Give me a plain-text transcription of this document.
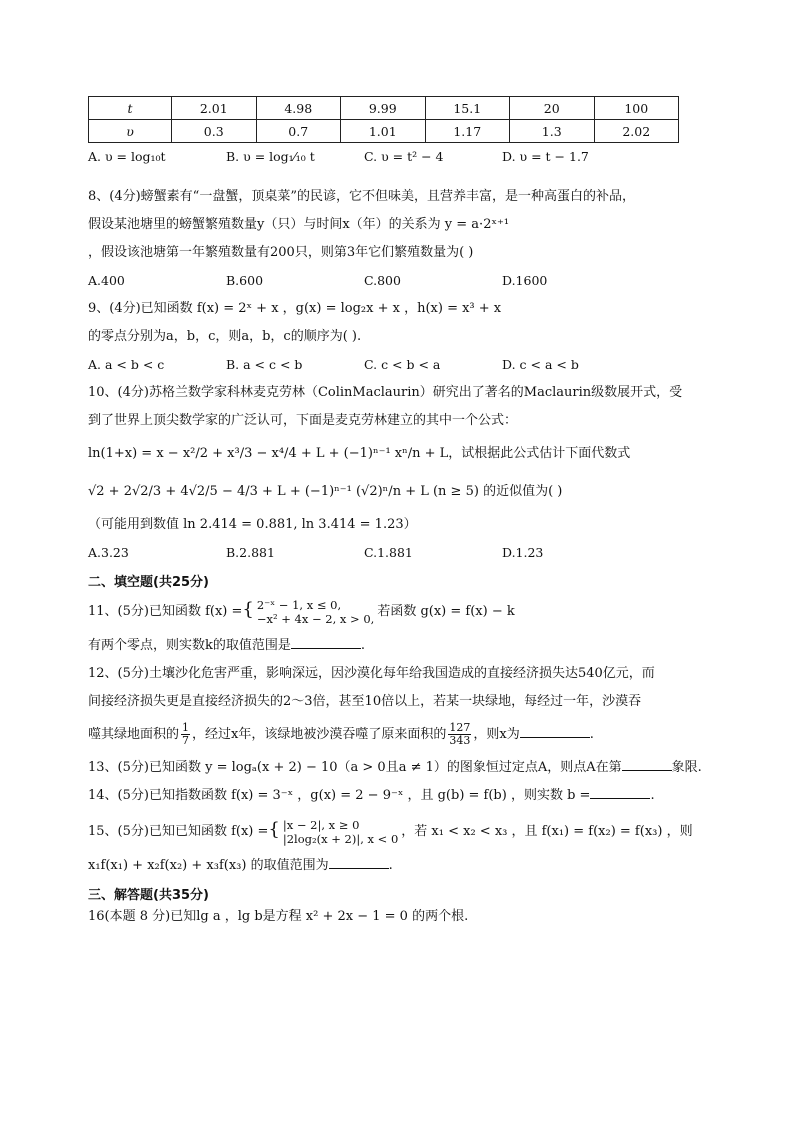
t	2.01	4.98	9.99	15.1	20	100
υ	0.3	0.7	1.01	1.17	1.3	2.02
A. υ = log₁₀t	B. υ = log₁⁄₁₀ t	C. υ = t² − 4	D. υ = t − 1.7
8、(4分)螃蟹素有“一盘蟹，顶桌菜”的民谚，它不但味美，且营养丰富，是一种高蛋白的补品，
假设某池塘里的螃蟹繁殖数量y（只）与时间x（年）的关系为 y = a·2ˣ⁺¹
，假设该池塘第一年繁殖数量有200只，则第3年它们繁殖数量为( )
A.400	B.600	C.800	D.1600
9、(4分)已知函数 f(x) = 2ˣ + x ，g(x) = log₂x + x ，h(x) = x³ + x
的零点分别为a，b，c，则a，b，c的顺序为( ).
A. a < b < c	B. a < c < b	C. c < b < a	D. c < a < b
10、(4分)苏格兰数学家科林麦克劳林（ColinMaclaurin）研究出了著名的Maclaurin级数展开式，受
到了世界上顶尖数学家的广泛认可，下面是麦克劳林建立的其中一个公式：
ln(1+x) = x − x²/2 + x³/3 − x⁴/4 + L + (−1)ⁿ⁻¹ xⁿ/n + L，试根据此公式估计下面代数式
√2 + 2√2/3 + 4√2/5 − 4/3 + L + (−1)ⁿ⁻¹ (√2)ⁿ/n + L (n ≥ 5) 的近似值为( )
（可能用到数值 ln 2.414 = 0.881, ln 3.414 = 1.23）
A.3.23	B.2.881	C.1.881	D.1.23
二、填空题(共25分)
11、(5分)已知函数 f(x) ={ 2⁻ˣ − 1, x ≤ 0,
−x² + 4x − 2, x > 0, 若函数 g(x) = f(x) − k
有两个零点，则实数k的取值范围是	.
12、(5分)土壤沙化危害严重，影响深远，因沙漠化每年给我国造成的直接经济损失达540亿元，而
间接经济损失更是直接经济损失的2～3倍，甚至10倍以上，若某一块绿地，每经过一年，沙漠吞
噬其绿地面积的 $\frac{1}{7}$ ，经过x年，该绿地被沙漠吞噬了原来面积的 $\frac{127}{343}$ ，则x为	.
13、(5分)已知函数 y = logₐ(x + 2) − 10（a > 0且a ≠ 1）的图象恒过定点A，则点A在第	象限.
14、(5分)已知指数函数 f(x) = 3⁻ˣ ，g(x) = 2 − 9⁻ˣ ，且 g(b) = f(b) ，则实数 b =	.
15、(5分)已知已知函数 f(x) ={ |x − 2|, x ≥ 0
|2log₂(x + 2)|, x < 0 ，若 x₁ < x₂ < x₃ ，且 f(x₁) = f(x₂) = f(x₃) ，则
x₁f(x₁) + x₂f(x₂) + x₃f(x₃) 的取值范围为	.
三、解答题(共35分)
16(本题 8 分)已知lg a ，lg b是方程 x² + 2x − 1 = 0 的两个根.
